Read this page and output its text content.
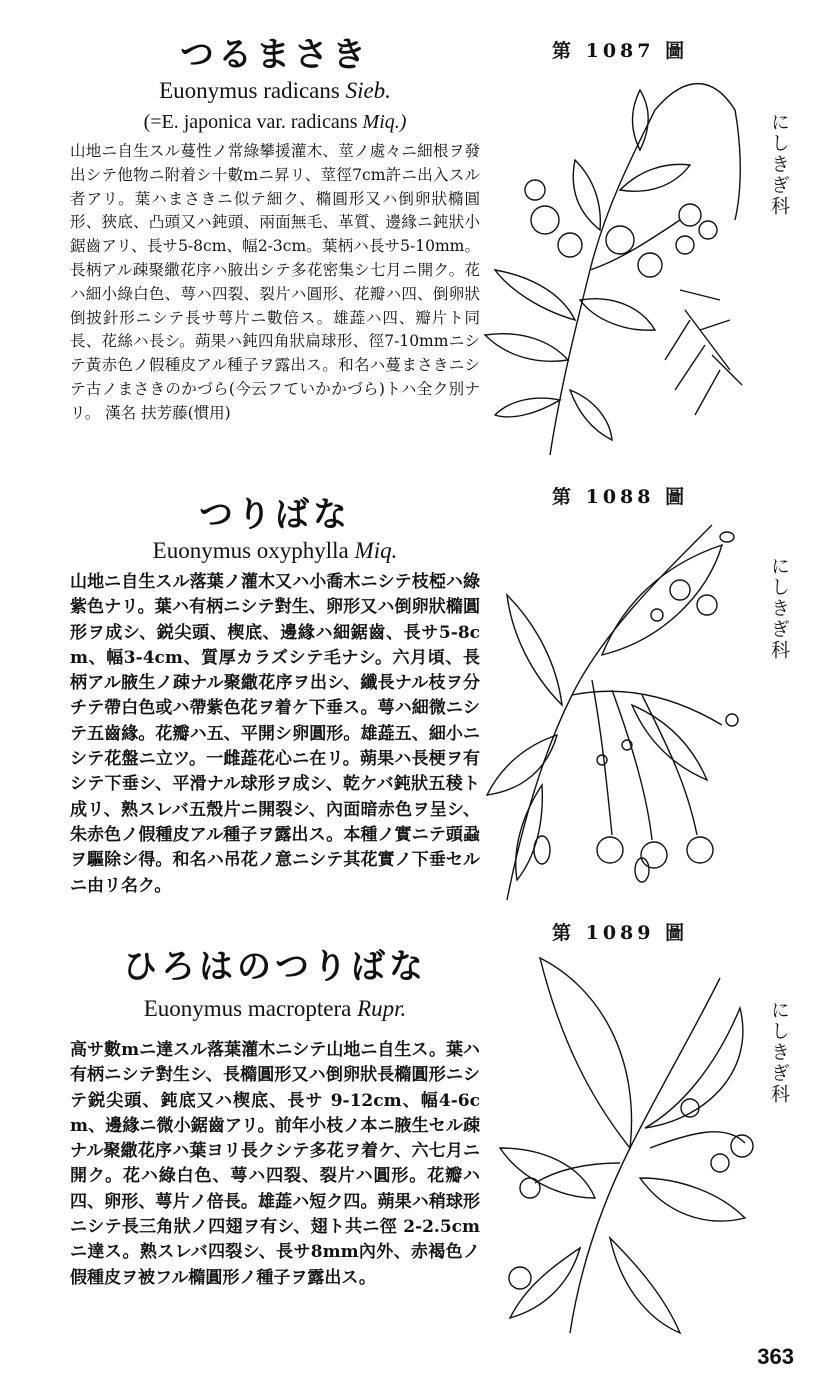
つるまさき

Euonymus radicans Sieb.

(=E. japonica var. radicans Miq.)

山地ニ自生スル蔓性ノ常綠攀援灌木、莖ノ處々ニ細根ヲ發出シテ他物ニ附着シ十數mニ昇リ、莖徑7cm許ニ出入スル者アリ。葉ハまさきニ似テ細ク、橢圓形又ハ倒卵狀橢圓形、狹底、凸頭又ハ鈍頭、兩面無毛、革質、邊緣ニ鈍狀小鋸齒アリ、長サ5-8cm、幅2-3cm。葉柄ハ長サ5-10mm。長柄アル疎聚繖花序ハ腋出シテ多花密集シ七月ニ開ク。花ハ細小綠白色、萼ハ四裂、裂片ハ圓形、花瓣ハ四、倒卵狀倒披針形ニシテ長サ萼片ニ數倍ス。雄蕋ハ四、瓣片ト同長、花絲ハ長シ。蒴果ハ鈍四角狀扁球形、徑7-10mmニシテ黃赤色ノ假種皮アル種子ヲ露出ス。和名ハ蔓まさきニシテ古ノまさきのかづら(今云フていかかづら)トハ全ク別ナリ。 漢名 扶芳藤(慣用)

第 1087 圖
にしきぎ科
つりばな

Euonymus oxyphylla Miq.

山地ニ自生スル落葉ノ灌木又ハ小喬木ニシテ枝椏ハ綠紫色ナリ。葉ハ有柄ニシテ對生、卵形又ハ倒卵狀橢圓形ヲ成シ、鋭尖頭、楔底、邊緣ハ細鋸齒、長サ5-8cm、幅3-4cm、質厚カラズシテ毛ナシ。六月頃、長柄アル腋生ノ疎ナル聚繖花序ヲ出シ、纖長ナル枝ヲ分チテ帶白色或ハ帶紫色花ヲ着ケ下垂ス。萼ハ細微ニシテ五齒緣。花瓣ハ五、平開シ卵圓形。雄蕋五、細小ニシテ花盤ニ立ツ。一雌蕋花心ニ在リ。蒴果ハ長梗ヲ有シテ下垂シ、平滑ナル球形ヲ成シ、乾ケバ鈍狀五稜ト成リ、熟スレバ五殼片ニ開裂シ、內面暗赤色ヲ呈シ、朱赤色ノ假種皮アル種子ヲ露出ス。本種ノ實ニテ頭蝨ヲ驅除シ得。和名ハ吊花ノ意ニシテ其花實ノ下垂セルニ由リ名ク。

第 1088 圖
にしきぎ科
第 1089 圖
ひろはのつりばな

Euonymus macroptera Rupr.

高サ數mニ達スル落葉灌木ニシテ山地ニ自生ス。葉ハ有柄ニシテ對生シ、長橢圓形又ハ倒卵狀長橢圓形ニシテ鋭尖頭、鈍底又ハ楔底、長サ 9-12cm、幅4-6cm、邊緣ニ微小鋸齒アリ。前年小枝ノ本ニ腋生セル疎ナル聚繖花序ハ葉ヨリ長クシテ多花ヲ着ケ、六七月ニ開ク。花ハ綠白色、萼ハ四裂、裂片ハ圓形。花瓣ハ四、卵形、萼片ノ倍長。雄蕋ハ短ク四。蒴果ハ稍球形ニシテ長三角狀ノ四翅ヲ有シ、翅ト共ニ徑 2-2.5cm ニ達ス。熟スレバ四裂シ、長サ8mm內外、赤褐色ノ假種皮ヲ被フル橢圓形ノ種子ヲ露出ス。

にしきぎ科
363
